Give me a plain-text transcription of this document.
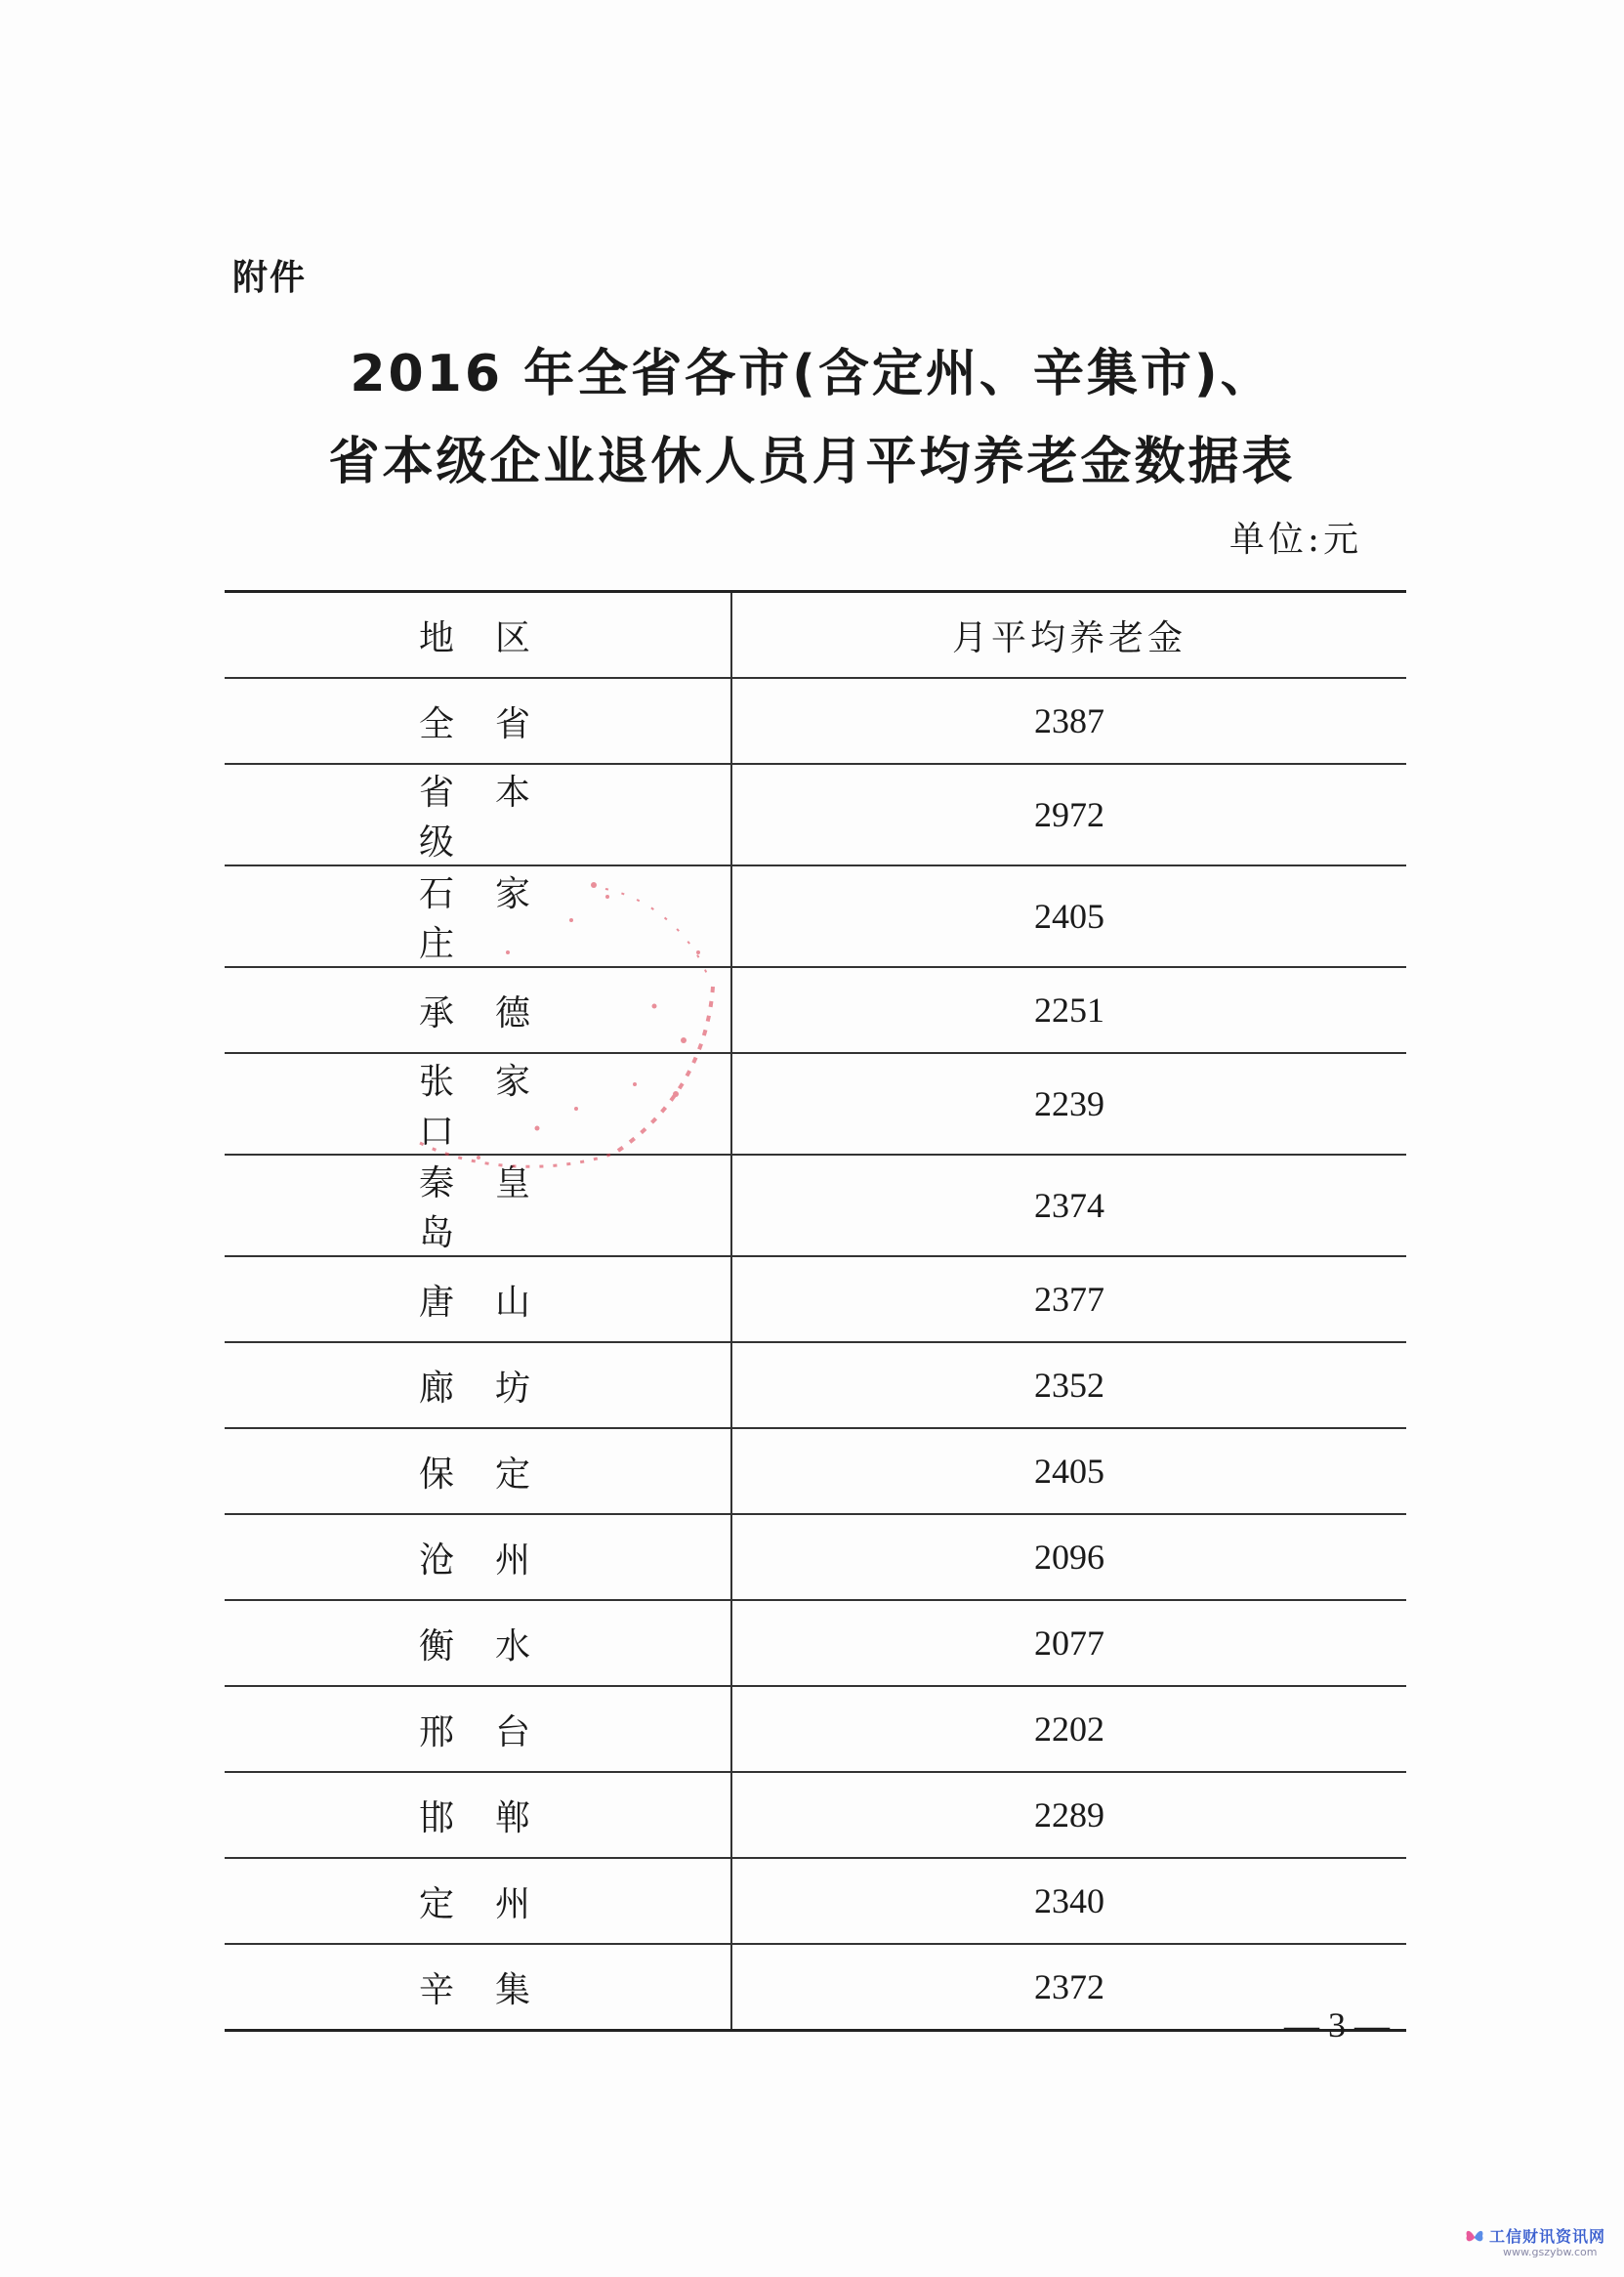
附件
2016 年全省各市(含定州、辛集市)、
省本级企业退休人员月平均养老金数据表
单位:元
地区	月平均养老金
全省	2387
省本级	2972
石家庄	2405
承德	2251
张家口	2239
秦皇岛	2374
唐山	2377
廊坊	2352
保定	2405
沧州	2096
衡水	2077
邢台	2202
邯郸	2289
定州	2340
辛集	2372
— 3 —
工信财讯资讯网
www.gszybw.com
